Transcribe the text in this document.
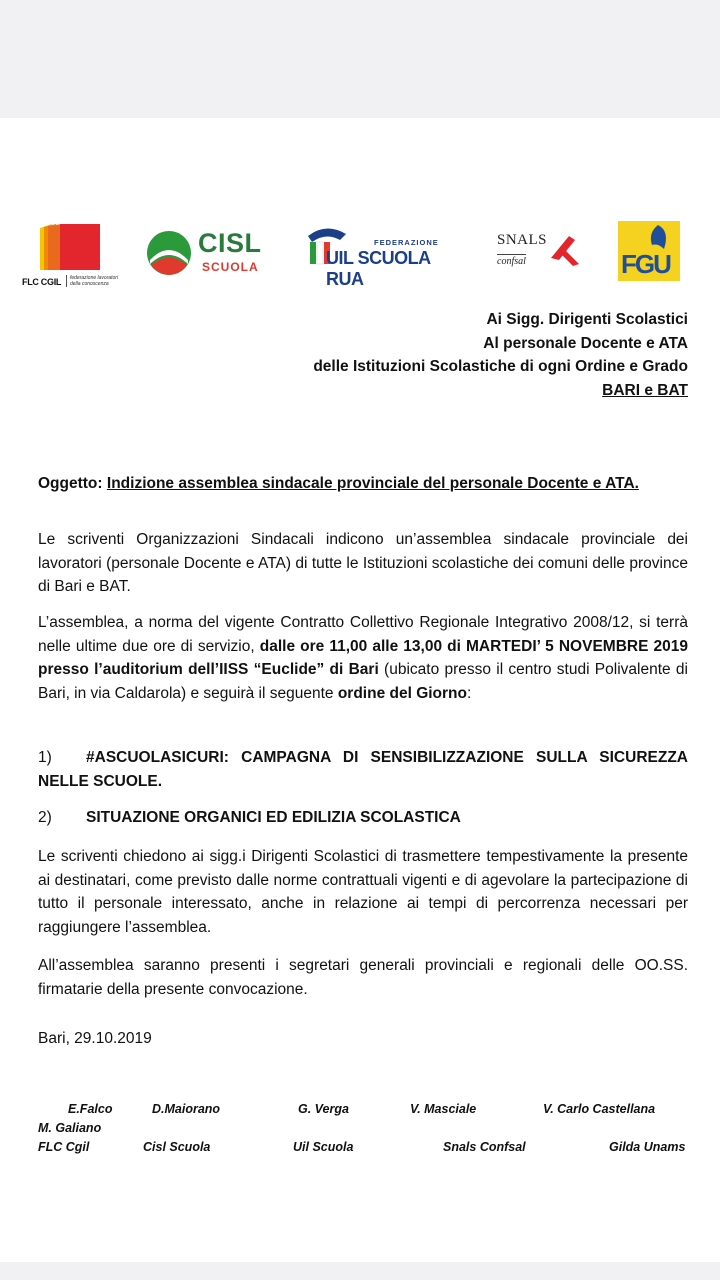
FLC CGIL federazione lavoratori
della conoscenza
CISL
SCUOLA
FEDERAZIONE
UIL SCUOLA RUA
SNALS
confsal	FGU
Ai Sigg. Dirigenti Scolastici
Al personale Docente e ATA
delle Istituzioni Scolastiche di ogni Ordine e Grado
BARI e BAT
Oggetto: Indizione assemblea sindacale provinciale del personale Docente e ATA.
Le scriventi Organizzazioni Sindacali indicono un’assemblea sindacale provinciale dei lavoratori (personale Docente e ATA) di tutte le Istituzioni scolastiche dei comuni delle province di Bari e BAT.
L’assemblea, a norma del vigente Contratto Collettivo Regionale Integrativo 2008/12, si terrà nelle ultime due ore di servizio, dalle ore 11,00 alle 13,00 di MARTEDI’ 5 NOVEMBRE 2019 presso l’auditorium dell’IISS “Euclide” di Bari (ubicato presso il centro studi Polivalente di Bari, in via Caldarola) e seguirà il seguente ordine del Giorno:
1) #ASCUOLASICURI: CAMPAGNA DI SENSIBILIZZAZIONE SULLA SICUREZZA NELLE SCUOLE.
2) SITUAZIONE ORGANICI ED EDILIZIA SCOLASTICA
Le scriventi chiedono ai sigg.i Dirigenti Scolastici di trasmettere tempestivamente la presente ai destinatari, come previsto dalle norme contrattuali vigenti e di agevolare la partecipazione di tutto il personale interessato, anche in relazione ai tempi di percorrenza necessari per raggiungere l’assemblea.
All’assemblea saranno presenti i segretari generali provinciali e regionali delle OO.SS. firmatarie della presente convocazione.
Bari, 29.10.2019
E.Falco	D.Maiorano	G. Verga	V. Masciale	V. Carlo Castellana
M. Galiano
FLC Cgil	Cisl Scuola	Uil Scuola	Snals Confsal	Gilda Unams
